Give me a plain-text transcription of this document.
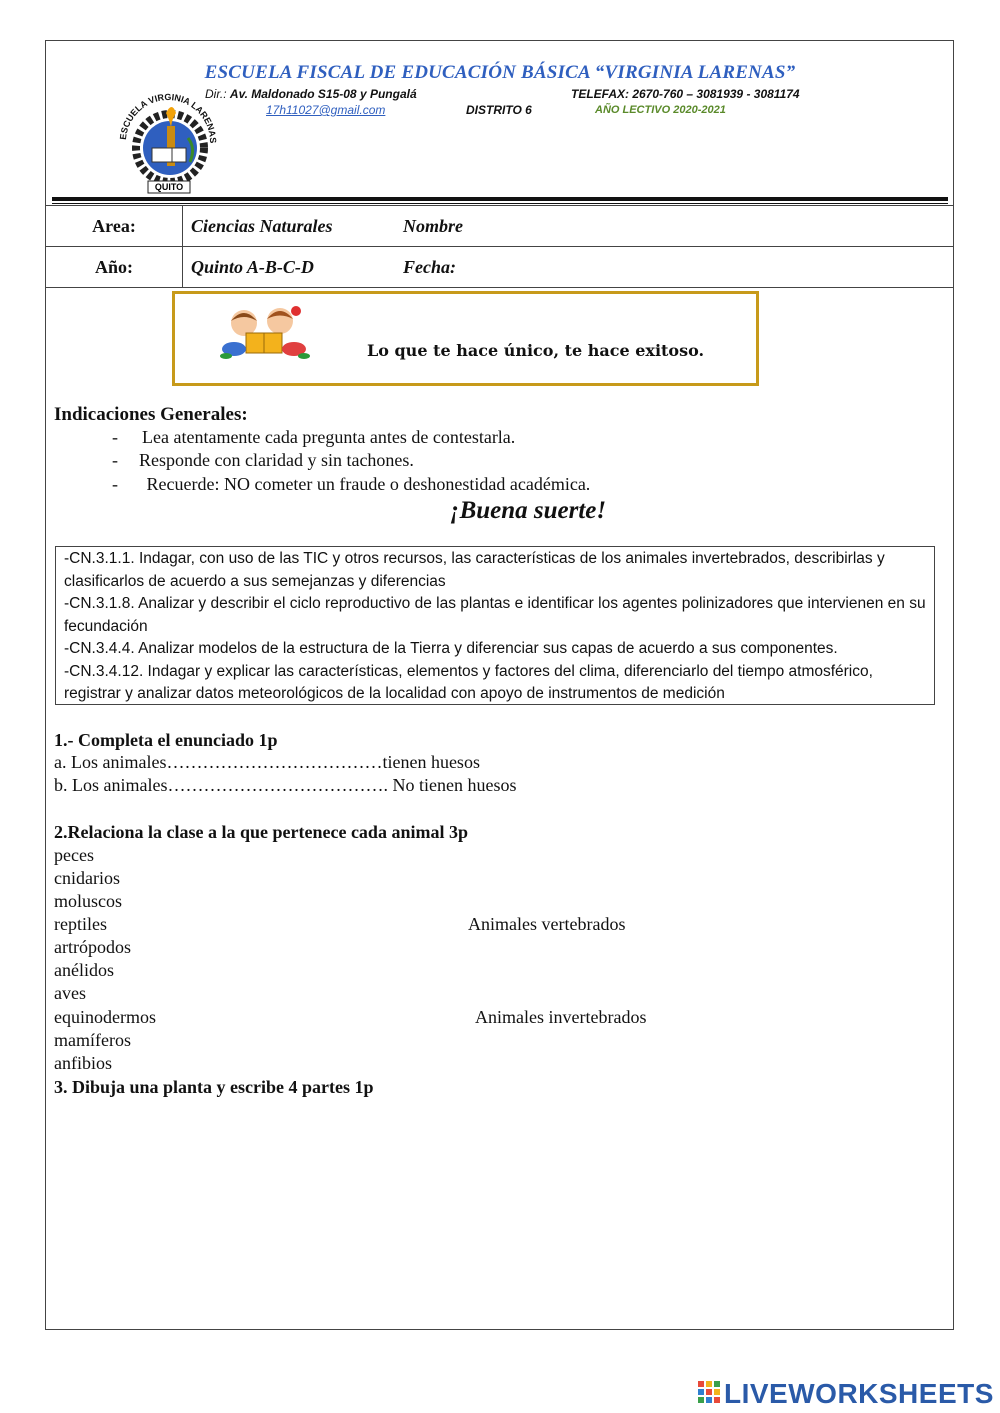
ESCUELA VIRGINIA LARENAS
QUITO
ESCUELA FISCAL DE EDUCACIÓN BÁSICA “VIRGINIA LARENAS”
Dir.: Av. Maldonado S15-08 y Pungalá	TELEFAX: 2670-760 – 3081939 - 3081174
17h11027@gmail.com	DISTRITO 6	AÑO LECTIVO 2020-2021
Area:	Ciencias Naturales Nombre
Año:	Quinto A-B-C-D Fecha:
Lo que te hace único, te hace exitoso.
Indicaciones Generales:
- Lea atentamente cada pregunta antes de contestarla.
- Responde con claridad y sin tachones.
- Recuerde: NO cometer un fraude o deshonestidad académica.
¡Buena suerte!
-CN.3.1.1. Indagar, con uso de las TIC y otros recursos, las características de los animales invertebrados, describirlas y clasificarlos de acuerdo a sus semejanzas y diferencias
-CN.3.1.8. Analizar y describir el ciclo reproductivo de las plantas e identificar los agentes polinizadores que intervienen en su fecundación
-CN.3.4.4. Analizar modelos de la estructura de la Tierra y diferenciar sus capas de acuerdo a sus componentes.
-CN.3.4.12. Indagar y explicar las características, elementos y factores del clima, diferenciarlo del tiempo atmosférico, registrar y analizar datos meteorológicos de la localidad con apoyo de instrumentos de medición
1.- Completa el enunciado 1p
a. Los animales………………………………tienen huesos
b. Los animales………………………………. No tienen huesos
2.Relaciona la clase a la que pertenece cada animal 3p
peces
cnidarios
moluscos
reptiles
artrópodos
anélidos
aves
equinodermos
mamíferos
anfibios
Animales vertebrados
Animales invertebrados
3. Dibuja una planta y escribe 4 partes 1p
LIVEWORKSHEETS
